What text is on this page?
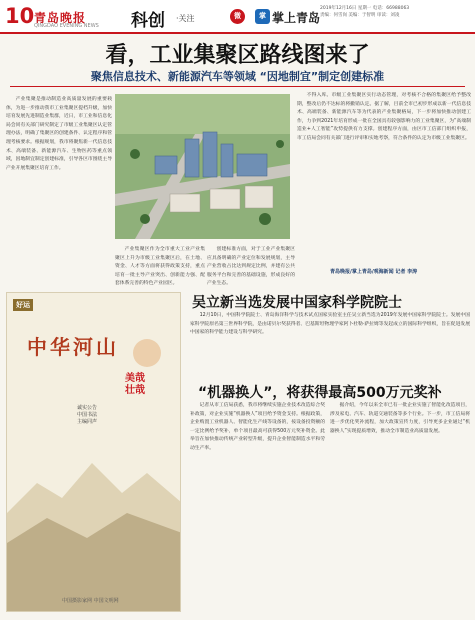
10 青岛晚报
QINGDAO EVENING NEWS 科创 ·关注	微	掌 掌上青岛
2019年12月16日 星期一 电话：66988063
责编：何雪岗 美编：于智明 审读：刘凌
看，工业集聚区路线图来了
聚焦信息技术、新能源汽车等领域 “因地制宜”制定创建标准

产业集聚是推动制造业高质量发展的重要载体，为进一步推动我市工业集聚区提档升级，加快培育发展先进制造业集群，近日，市工业和信息化局会同有关部门研究制定了市级工业集聚区认定管理办法，明确了集聚区的创建条件、认定程序和管理考核要求。根据规划，我市将聚焦新一代信息技术、高端装备、新能源汽车、生物医药等重点领域，因地制宜制定创建标准，引导各区市围绕主导产业开展集聚区培育工作。

产业集聚区作为全市重大工业产业集聚区上升为市级工业集聚区后，在土地、资金、人才等方面将获得政策支持，重点培育一批主导产业突出、创新能力强、配套体系完善的特色产业园区。

创建标准方面，对于工业产业集聚区应具备明确的产业定位和发展规划，主导产业营收占比达到规定比例，并建有公共服务平台和完善的基础设施，形成良好的产业生态。

不得入库。市级工业集聚区实行动态管理，对考核不合格的集聚区给予整改期，整改后仍不达标的将撤销认定。据了解，目前全市已初步形成以新一代信息技术、高端装备、新能源汽车等为代表的产业集聚格局，下一步将加快推动创建工作，力争到2021年培育形成一批在全国具有较强影响力的工业集聚区，为“高端制造业+人工智能”攻势提供有力支撑。创建程序方面，由区市工信部门组织申报，市工信局会同有关部门进行评审和实地考察，符合条件的认定为市级工业集聚区。

青岛晚报/掌上青岛/观海新闻 记者 李涛
好运
中华河山
美哉壮哉
诚实公告
中国书法
主编同声
中国摄影家网 中国文明网
吴立新当选发展中国家科学院院士

12月10日，中国科学院院士、青岛海洋科学与技术试点国家实验室主任吴立新当选为2019年发展中国家科学院院士。发展中国家科学院原名第三世界科学院，是由诺贝尔奖获得者、巴基斯坦物理学家阿卜杜勒·萨拉姆等发起成立的国际科学组织，旨在促进发展中国家的科学能力建设与科学研究。

“机器换人”，将获得最高500万元奖补

记者从市工信局获悉，我市将继续实施企业技术改造综合奖补政策，对企业实施“机器换人”项目给予资金支持。根据政策，企业购置工业机器人、智能化生产线等设备的，按设备投资额的一定比例给予奖补，单个项目最高可获得500万元奖补资金。此举旨在加快推动传统产业转型升级，提升企业智能制造水平和劳动生产率。

据介绍，今年以来全市已有一批企业实施了智能化改造项目，涉及家电、汽车、轨道交通装备等多个行业。下一步，市工信局将进一步优化奖补流程，加大政策宣传力度，引导更多企业通过“机器换人”实现提质增效，推动全市制造业高质量发展。
